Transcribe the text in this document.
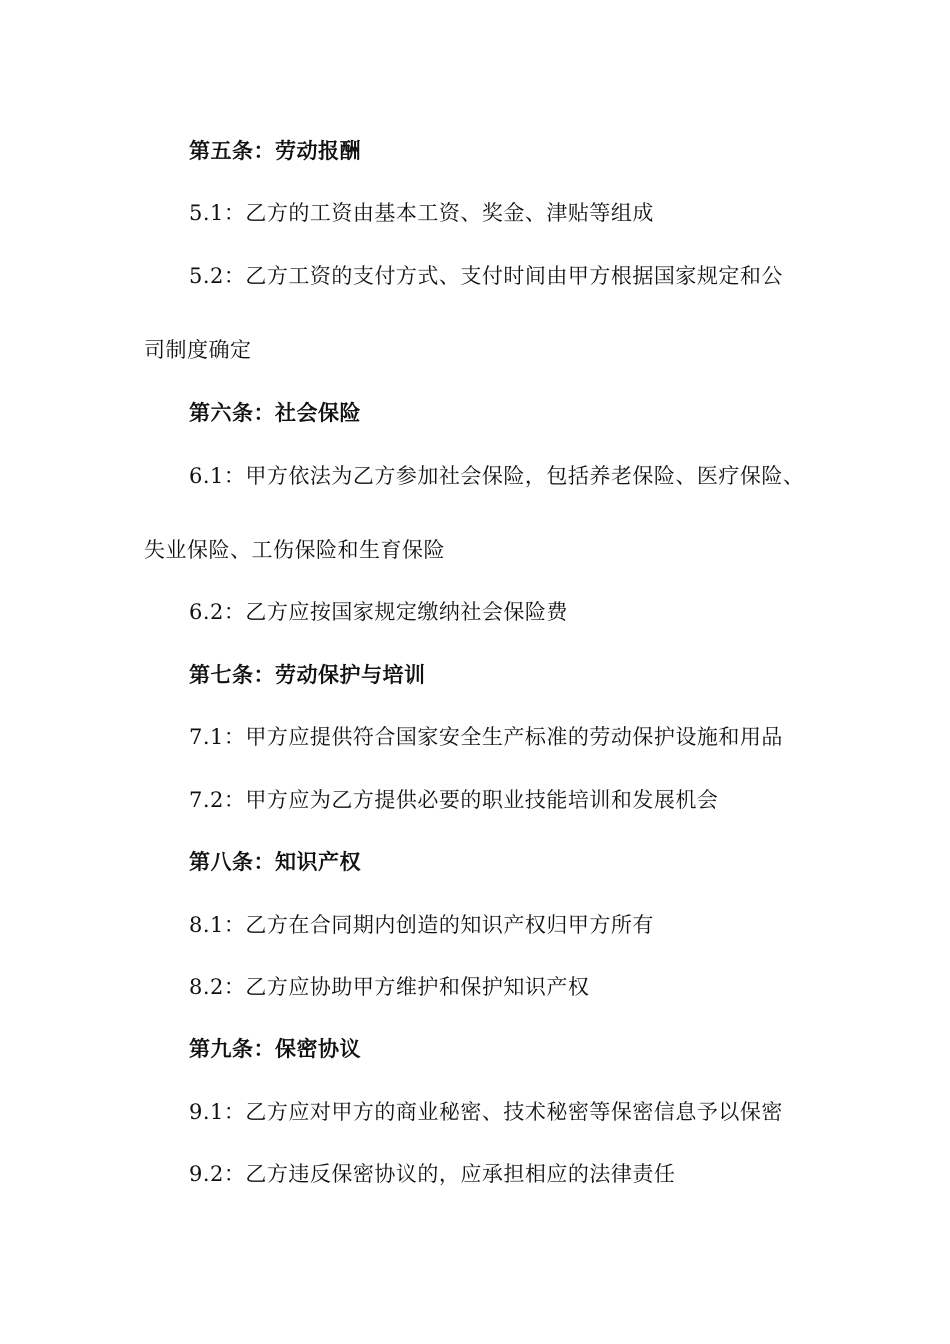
第五条：劳动报酬
5.1：乙方的工资由基本工资、奖金、津贴等组成
5.2：乙方工资的支付方式、支付时间由甲方根据国家规定和公
司制度确定
第六条：社会保险
6.1：甲方依法为乙方参加社会保险，包括养老保险、医疗保险、
失业保险、工伤保险和生育保险
6.2：乙方应按国家规定缴纳社会保险费
第七条：劳动保护与培训
7.1：甲方应提供符合国家安全生产标准的劳动保护设施和用品
7.2：甲方应为乙方提供必要的职业技能培训和发展机会
第八条：知识产权
8.1：乙方在合同期内创造的知识产权归甲方所有
8.2：乙方应协助甲方维护和保护知识产权
第九条：保密协议
9.1：乙方应对甲方的商业秘密、技术秘密等保密信息予以保密
9.2：乙方违反保密协议的，应承担相应的法律责任
